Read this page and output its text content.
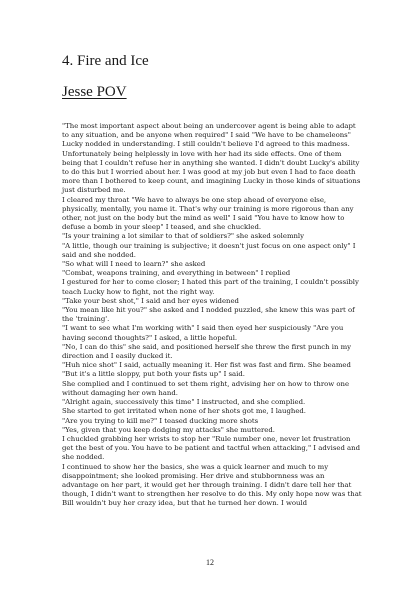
4. Fire and Ice
Jesse POV

"The most important aspect about being an undercover agent is being able to adapt to any situation, and be anyone when required" I said "We have to be chameleons"

Lucky nodded in understanding. I still couldn't believe I'd agreed to this madness. Unfortunately being helplessly in love with her had its side effects. One of them being that I couldn't refuse her in anything she wanted. I didn't doubt Lucky's ability to do this but I worried about her. I was good at my job but even I had to face death more than I bothered to keep count, and imagining Lucky in those kinds of situations just disturbed me.

I cleared my throat "We have to always be one step ahead of everyone else, physically, mentally, you name it. That's why our training is more rigorous than any other, not just on the body but the mind as well" I said "You have to know how to defuse a bomb in your sleep" I teased, and she chuckled.

"Is your training a lot similar to that of soldiers?" she asked solemnly

"A little, though our training is subjective; it doesn't just focus on one aspect only" I said and she nodded.

"So what will I need to learn?" she asked

"Combat, weapons training, and everything in between" I replied

I gestured for her to come closer; I hated this part of the training, I couldn't possibly teach Lucky how to fight, not the right way.

"Take your best shot," I said and her eyes widened

"You mean like hit you?" she asked and I nodded puzzled, she knew this was part of the 'training'.

"I want to see what I'm working with" I said then eyed her suspiciously "Are you having second thoughts?" I asked, a little hopeful.

"No, I can do this" she said, and positioned herself she threw the first punch in my direction and I easily ducked it.

"Huh nice shot" I said, actually meaning it. Her fist was fast and firm. She beamed

"But it's a little sloppy, put both your fists up" I said.

She complied and I continued to set them right, advising her on how to throw one without damaging her own hand.

"Alright again, successively this time" I instructed, and she complied.

She started to get irritated when none of her shots got me, I laughed.

"Are you trying to kill me?" I teased ducking more shots

"Yes, given that you keep dodging my attacks" she muttered.

I chuckled grabbing her wrists to stop her "Rule number one, never let frustration get the best of you. You have to be patient and tactful when attacking," I advised and she nodded.

I continued to show her the basics, she was a quick learner and much to my disappointment; she looked promising. Her drive and stubbornness was an advantage on her part, it would get her through training. I didn't dare tell her that though, I didn't want to strengthen her resolve to do this. My only hope now was that Bill wouldn't buy her crazy idea, but that he turned her down. I would

12
